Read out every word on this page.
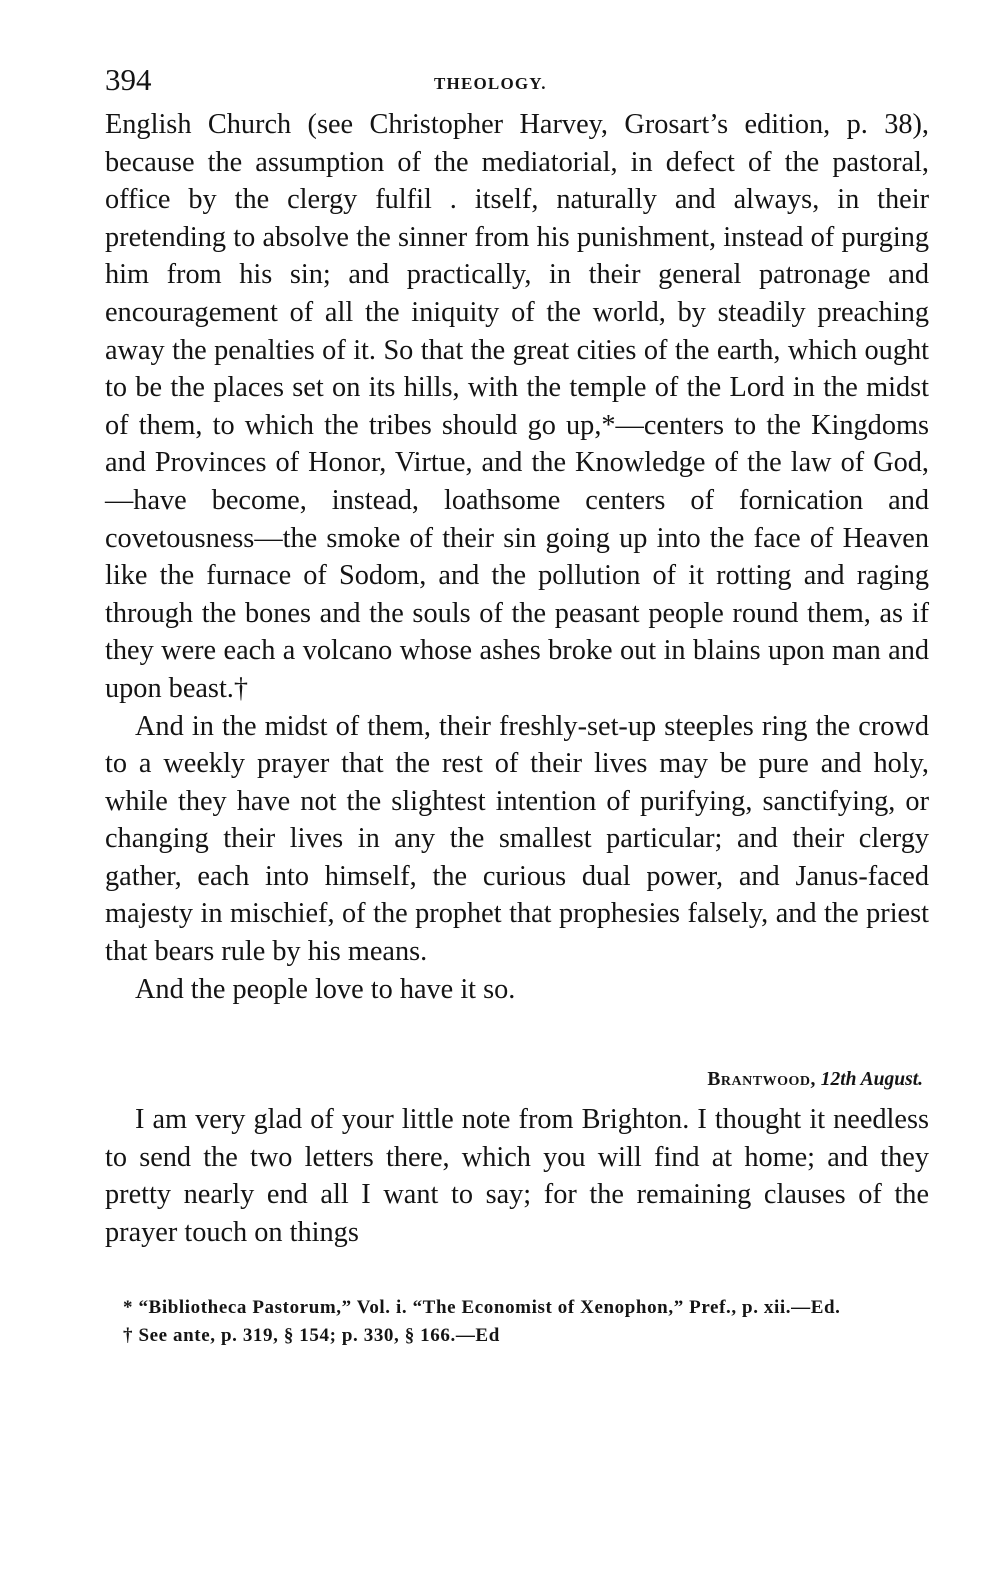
394	THEOLOGY.

English Church (see Christopher Harvey, Grosart’s edition, p. 38), because the assumption of the mediatorial, in defect of the pastoral, office by the clergy fulfil . itself, naturally and always, in their pretending to absolve the sinner from his punishment, instead of purging him from his sin; and practically, in their general patronage and encouragement of all the iniquity of the world, by steadily preaching away the penalties of it. So that the great cities of the earth, which ought to be the places set on its hills, with the temple of the Lord in the midst of them, to which the tribes should go up,*—centers to the Kingdoms and Provinces of Honor, Virtue, and the Knowledge of the law of God,—have become, instead, loathsome centers of fornication and covetousness—the smoke of their sin going up into the face of Heaven like the furnace of Sodom, and the pollution of it rotting and raging through the bones and the souls of the peasant people round them, as if they were each a volcano whose ashes broke out in blains upon man and upon beast.†

And in the midst of them, their freshly-set-up steeples ring the crowd to a weekly prayer that the rest of their lives may be pure and holy, while they have not the slightest intention of purifying, sanctifying, or changing their lives in any the smallest particular; and their clergy gather, each into himself, the curious dual power, and Janus-faced majesty in mischief, of the prophet that prophesies falsely, and the priest that bears rule by his means.

And the people love to have it so.

Brantwood, 12th August.

I am very glad of your little note from Brighton. I thought it needless to send the two letters there, which you will find at home; and they pretty nearly end all I want to say; for the remaining clauses of the prayer touch on things

* “Bibliotheca Pastorum,” Vol. i. “The Economist of Xenophon,” Pref., p. xii.—Ed.

† See ante, p. 319, § 154; p. 330, § 166.—Ed
